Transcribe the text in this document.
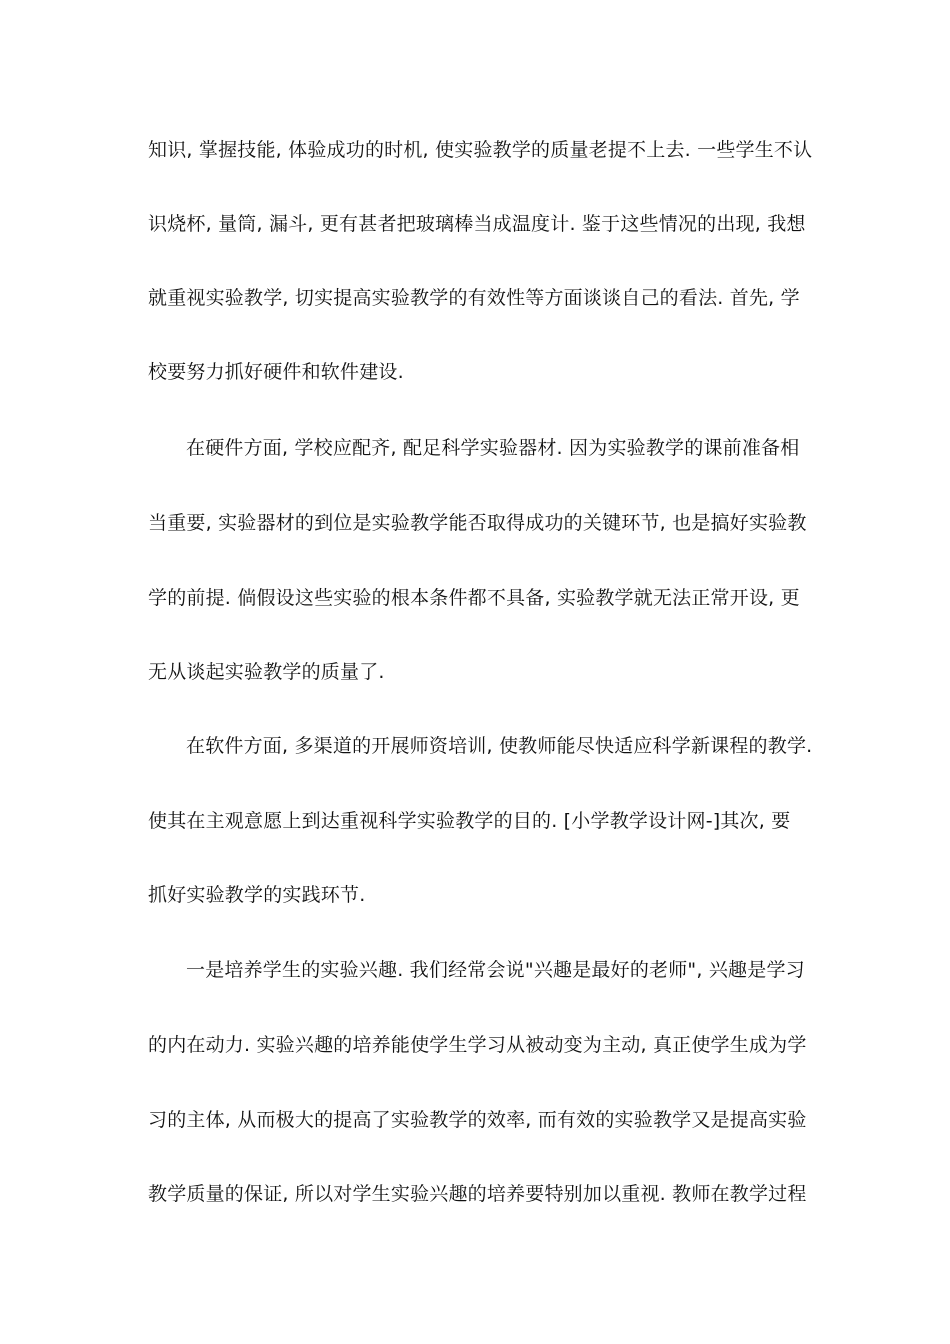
知识, 掌握技能, 体验成功的时机, 使实验教学的质量老提不上去. 一些学生不认
识烧杯, 量筒, 漏斗, 更有甚者把玻璃棒当成温度计. 鉴于这些情况的出现, 我想
就重视实验教学, 切实提高实验教学的有效性等方面谈谈自己的看法. 首先, 学
校要努力抓好硬件和软件建设.
在硬件方面, 学校应配齐, 配足科学实验器材. 因为实验教学的课前准备相
当重要, 实验器材的到位是实验教学能否取得成功的关键环节, 也是搞好实验教
学的前提. 倘假设这些实验的根本条件都不具备, 实验教学就无法正常开设, 更
无从谈起实验教学的质量了.
在软件方面, 多渠道的开展师资培训, 使教师能尽快适应科学新课程的教学.
使其在主观意愿上到达重视科学实验教学的目的. [小学教学设计网-]其次, 要
抓好实验教学的实践环节.
一是培养学生的实验兴趣. 我们经常会说"兴趣是最好的老师", 兴趣是学习
的内在动力. 实验兴趣的培养能使学生学习从被动变为主动, 真正使学生成为学
习的主体, 从而极大的提高了实验教学的效率, 而有效的实验教学又是提高实验
教学质量的保证, 所以对学生实验兴趣的培养要特别加以重视. 教师在教学过程
